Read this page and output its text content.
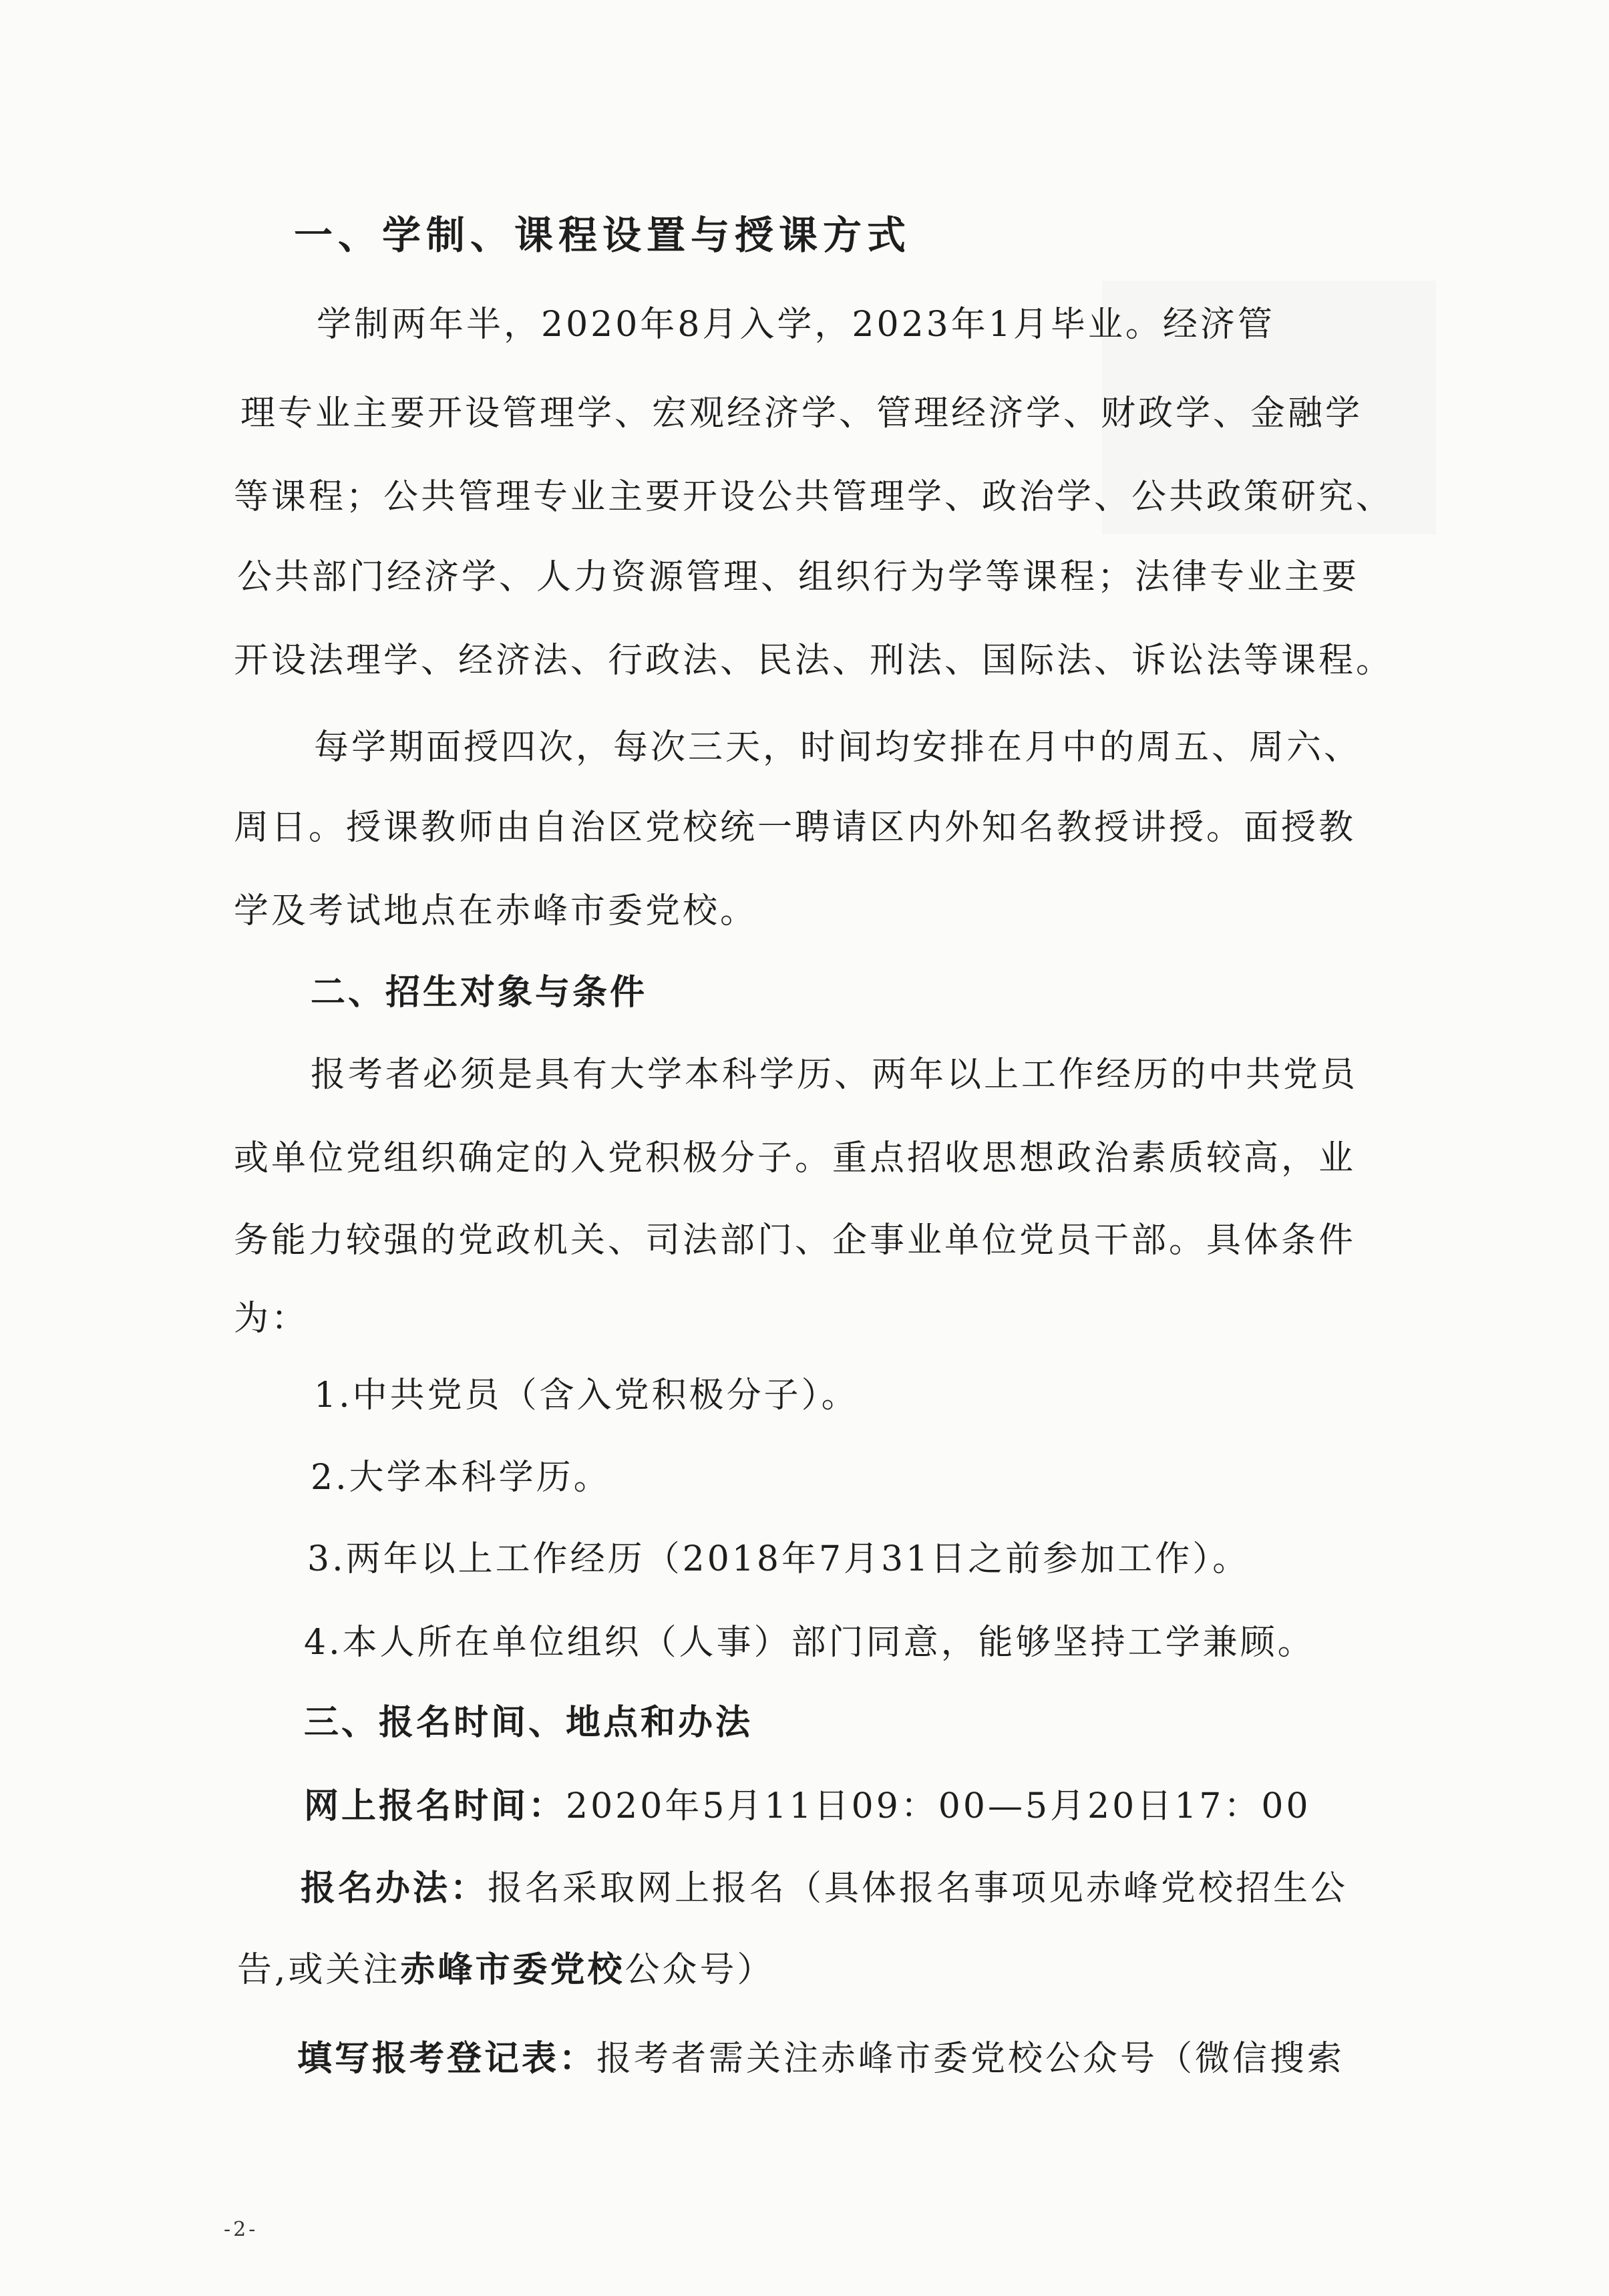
一、学制、课程设置与授课方式
学制两年半，2020年8月入学，2023年1月毕业。经济管
理专业主要开设管理学、宏观经济学、管理经济学、财政学、金融学
等课程；公共管理专业主要开设公共管理学、政治学、公共政策研究、
公共部门经济学、人力资源管理、组织行为学等课程；法律专业主要
开设法理学、经济法、行政法、民法、刑法、国际法、诉讼法等课程。
每学期面授四次，每次三天，时间均安排在月中的周五、周六、
周日。授课教师由自治区党校统一聘请区内外知名教授讲授。面授教
学及考试地点在赤峰市委党校。
二、招生对象与条件
报考者必须是具有大学本科学历、两年以上工作经历的中共党员
或单位党组织确定的入党积极分子。重点招收思想政治素质较高，业
务能力较强的党政机关、司法部门、企事业单位党员干部。具体条件
为：
1.中共党员（含入党积极分子）。
2.大学本科学历。
3.两年以上工作经历（2018年7月31日之前参加工作）。
4.本人所在单位组织（人事）部门同意，能够坚持工学兼顾。
三、报名时间、地点和办法
网上报名时间：2020年5月11日09：00—5月20日17：00
报名办法：报名采取网上报名（具体报名事项见赤峰党校招生公
告,或关注赤峰市委党校公众号）
填写报考登记表：报考者需关注赤峰市委党校公众号（微信搜索
-2-
